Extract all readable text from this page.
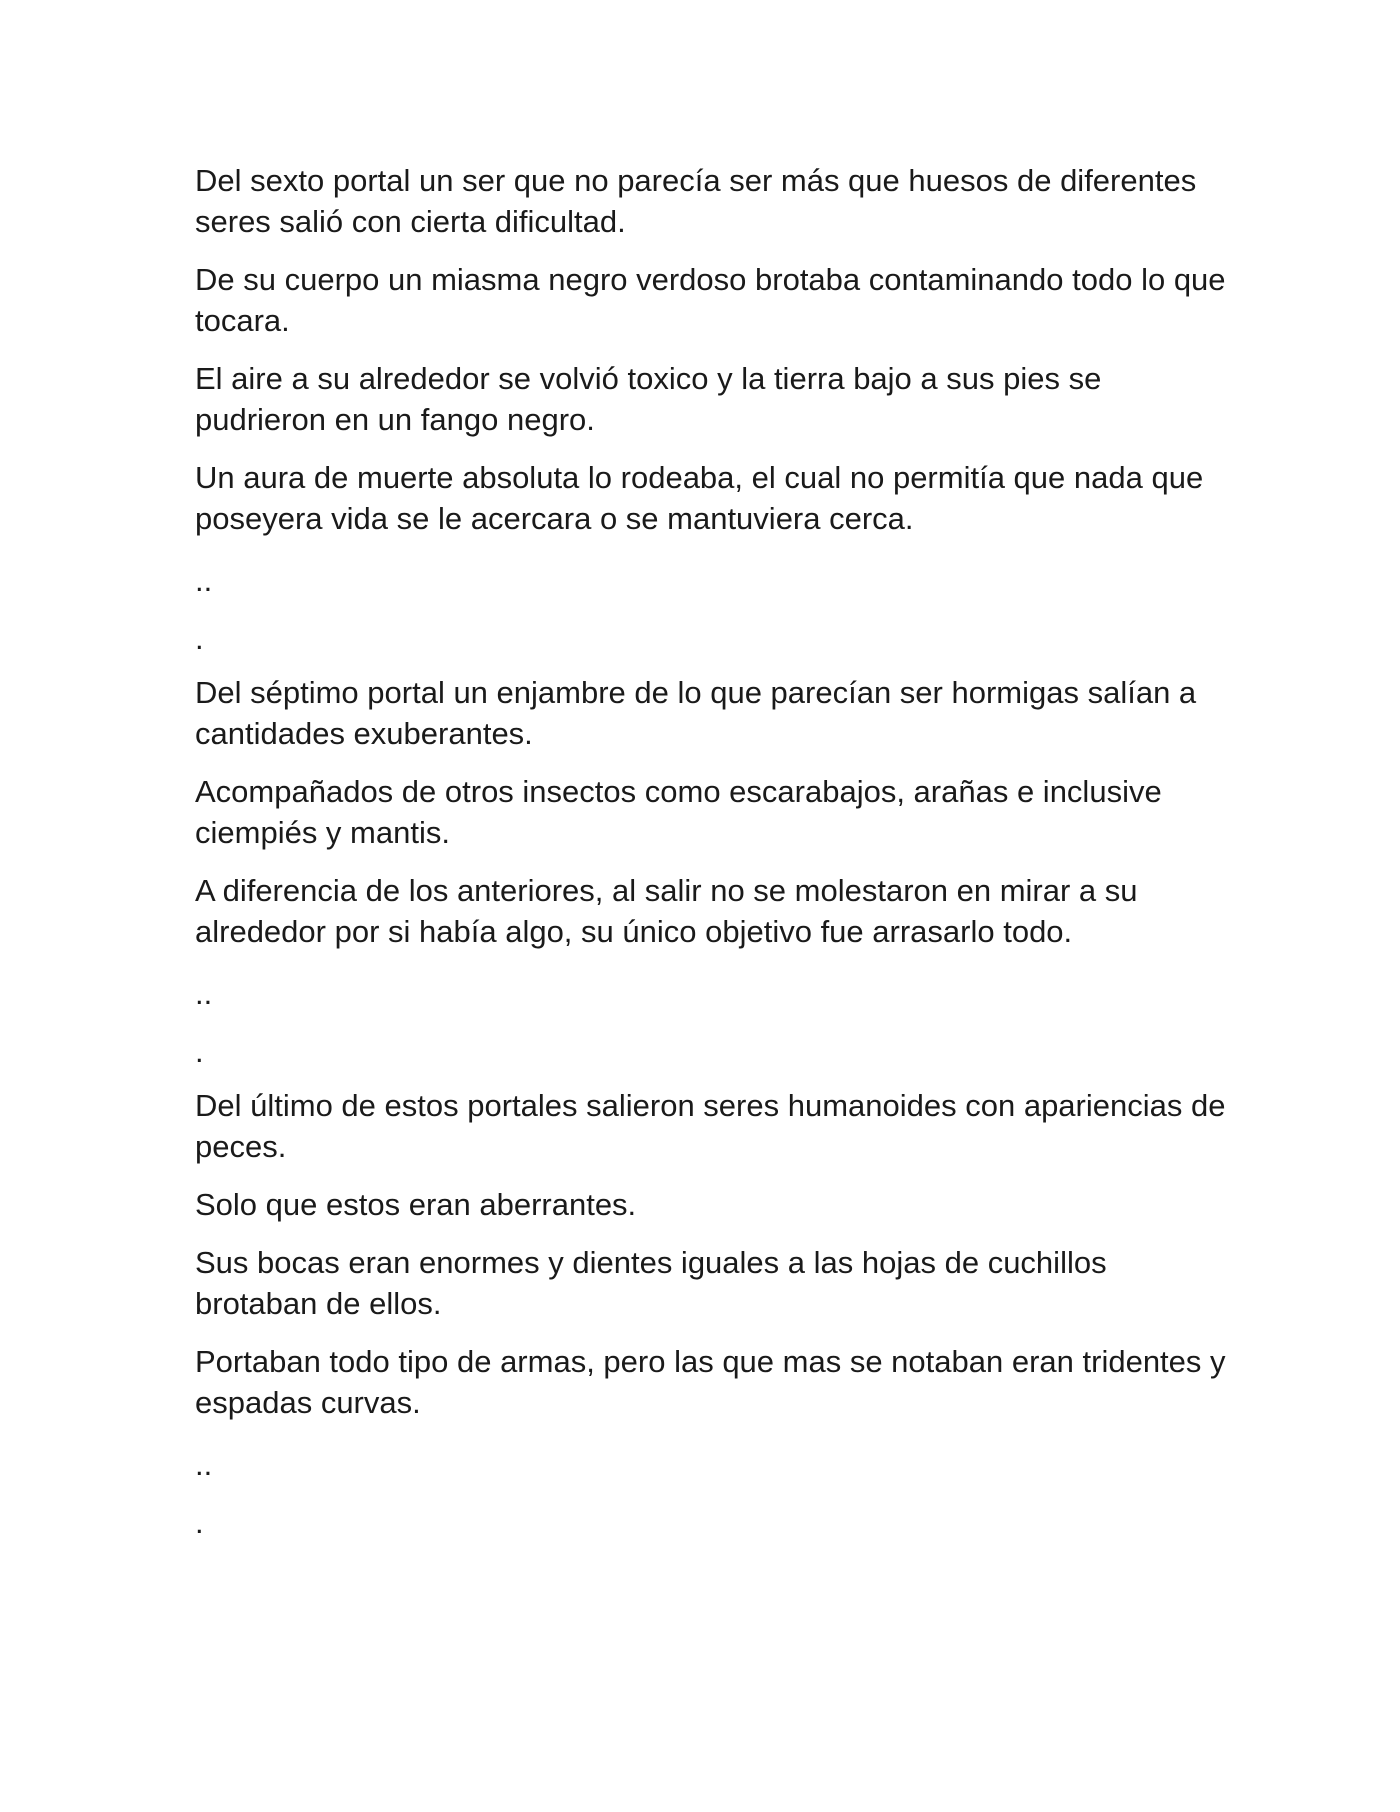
Del sexto portal un ser que no parecía ser más que huesos de diferentes seres salió con cierta dificultad.

De su cuerpo un miasma negro verdoso brotaba contaminando todo lo que tocara.

El aire a su alrededor se volvió toxico y la tierra bajo a sus pies se pudrieron en un fango negro.

Un aura de muerte absoluta lo rodeaba, el cual no permitía que nada que poseyera vida se le acercara o se mantuviera cerca.

..

.

Del séptimo portal un enjambre de lo que parecían ser hormigas salían a cantidades exuberantes.

Acompañados de otros insectos como escarabajos, arañas e inclusive ciempiés y mantis.

A diferencia de los anteriores, al salir no se molestaron en mirar a su alrededor por si había algo, su único objetivo fue arrasarlo todo.

..

.

Del último de estos portales salieron seres humanoides con apariencias de peces.

Solo que estos eran aberrantes.

Sus bocas eran enormes y dientes iguales a las hojas de cuchillos brotaban de ellos.

Portaban todo tipo de armas, pero las que mas se notaban eran tridentes y espadas curvas.

..

.
